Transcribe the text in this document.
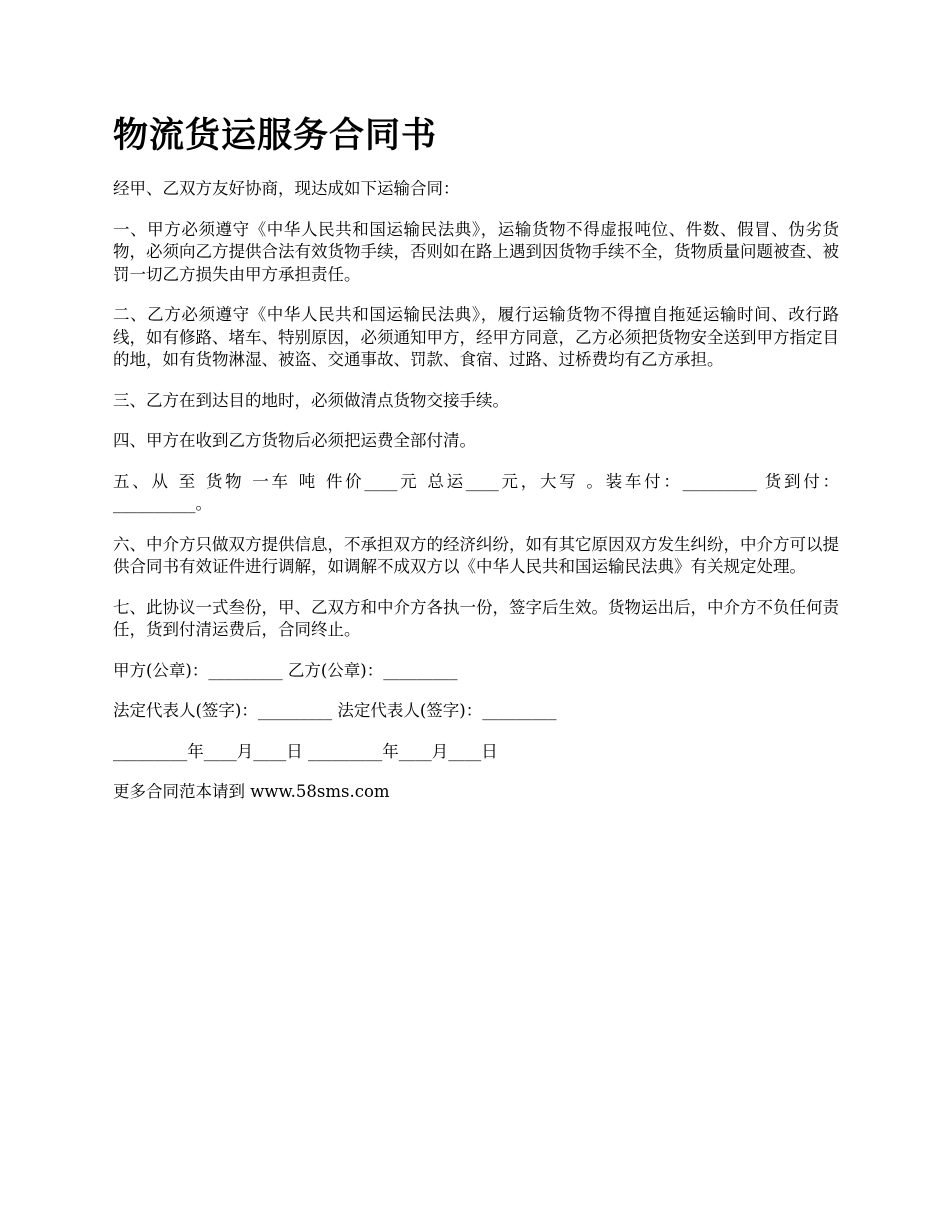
物流货运服务合同书

经甲、乙双方友好协商，现达成如下运输合同：

一、甲方必须遵守《中华人民共和国运输民法典》，运输货物不得虚报吨位、件数、假冒、伪劣货物，必须向乙方提供合法有效货物手续，否则如在路上遇到因货物手续不全，货物质量问题被查、被罚一切乙方损失由甲方承担责任。

二、乙方必须遵守《中华人民共和国运输民法典》，履行运输货物不得擅自拖延运输时间、改行路线，如有修路、堵车、特别原因，必须通知甲方，经甲方同意，乙方必须把货物安全送到甲方指定目的地，如有货物淋湿、被盗、交通事故、罚款、食宿、过路、过桥费均有乙方承担。

三、乙方在到达目的地时，必须做清点货物交接手续。

四、甲方在收到乙方货物后必须把运费全部付清。

五、从 至 货物 一车 吨 件价____元 总运____元，大写 。装车付：_________ 货到付：__________。

六、中介方只做双方提供信息，不承担双方的经济纠纷，如有其它原因双方发生纠纷，中介方可以提供合同书有效证件进行调解，如调解不成双方以《中华人民共和国运输民法典》有关规定处理。

七、此协议一式叁份，甲、乙双方和中介方各执一份，签字后生效。货物运出后，中介方不负任何责任，货到付清运费后，合同终止。

甲方(公章)：_________ 乙方(公章)：_________

法定代表人(签字)：_________ 法定代表人(签字)：_________

_________年____月____日 _________年____月____日

更多合同范本请到 www.58sms.com
